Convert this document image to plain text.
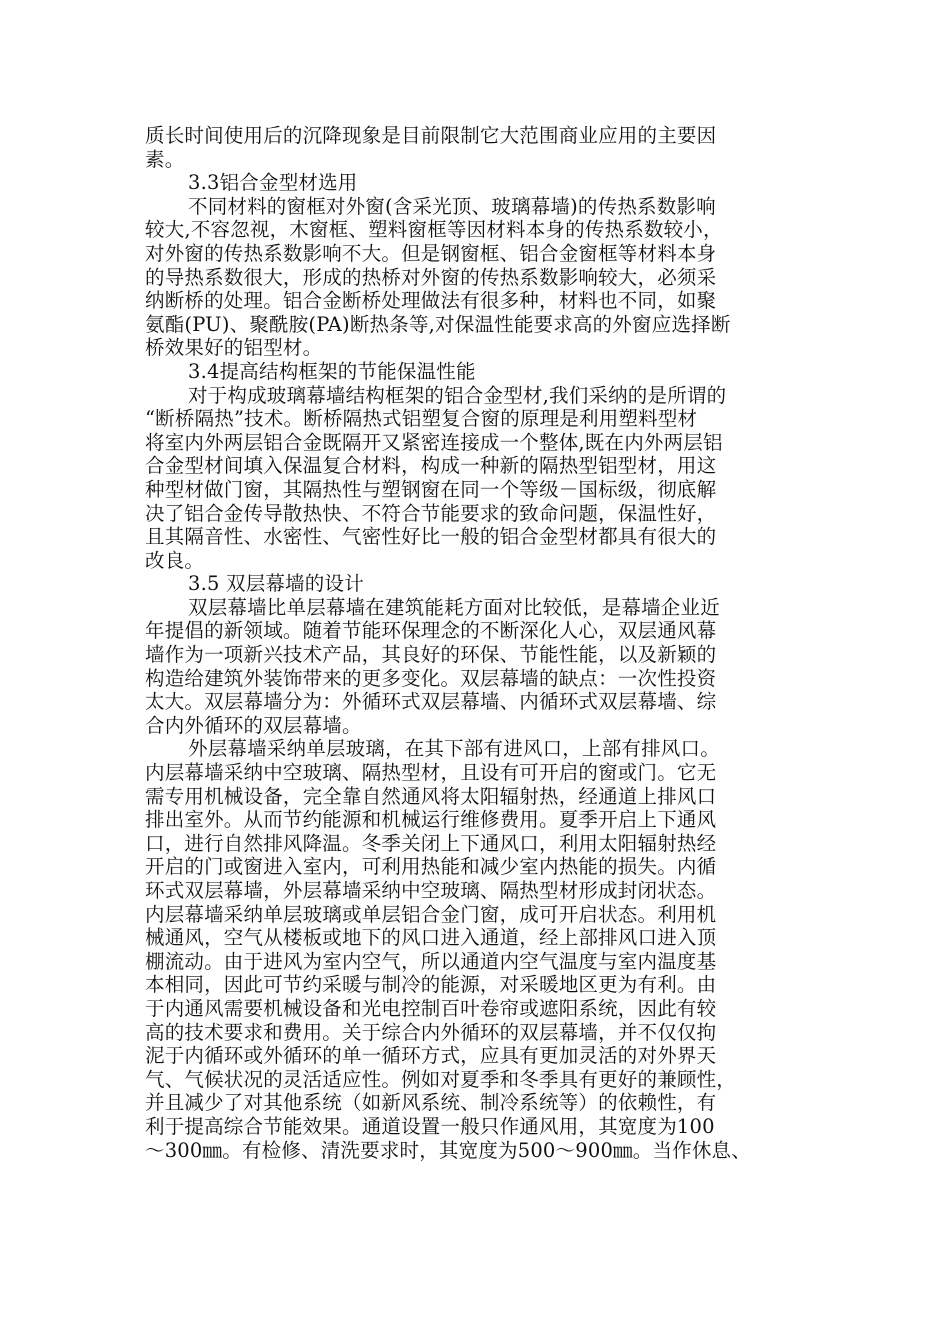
质长时间使用后的沉降现象是目前限制它大范围商业应用的主要因
素。
3.3铝合金型材选用
不同材料的窗框对外窗(含采光顶、玻璃幕墙)的传热系数影响
较大,不容忽视，木窗框、塑料窗框等因材料本身的传热系数较小，
对外窗的传热系数影响不大。但是钢窗框、铝合金窗框等材料本身
的导热系数很大，形成的热桥对外窗的传热系数影响较大，必须采
纳断桥的处理。铝合金断桥处理做法有很多种，材料也不同，如聚
氨酯(PU)、聚酰胺(PA)断热条等,对保温性能要求高的外窗应选择断
桥效果好的铝型材。
3.4提高结构框架的节能保温性能
对于构成玻璃幕墙结构框架的铝合金型材,我们采纳的是所谓的
“断桥隔热”技术。断桥隔热式铝塑复合窗的原理是利用塑料型材
将室内外两层铝合金既隔开又紧密连接成一个整体,既在内外两层铝
合金型材间填入保温复合材料，构成一种新的隔热型铝型材，用这
种型材做门窗，其隔热性与塑钢窗在同一个等级－国标级，彻底解
决了铝合金传导散热快、不符合节能要求的致命问题，保温性好，
且其隔音性、水密性、气密性好比一般的铝合金型材都具有很大的
改良。
3.5 双层幕墙的设计
双层幕墙比单层幕墙在建筑能耗方面对比较低，是幕墙企业近
年提倡的新领域。随着节能环保理念的不断深化人心，双层通风幕
墙作为一项新兴技术产品，其良好的环保、节能性能，以及新颖的
构造给建筑外装饰带来的更多变化。双层幕墙的缺点：一次性投资
太大。双层幕墙分为：外循环式双层幕墙、内循环式双层幕墙、综
合内外循环的双层幕墙。
外层幕墙采纳单层玻璃，在其下部有进风口，上部有排风口。
内层幕墙采纳中空玻璃、隔热型材，且设有可开启的窗或门。它无
需专用机械设备，完全靠自然通风将太阳辐射热，经通道上排风口
排出室外。从而节约能源和机械运行维修费用。夏季开启上下通风
口，进行自然排风降温。冬季关闭上下通风口，利用太阳辐射热经
开启的门或窗进入室内，可利用热能和减少室内热能的损失。内循
环式双层幕墙，外层幕墙采纳中空玻璃、隔热型材形成封闭状态。
内层幕墙采纳单层玻璃或单层铝合金门窗，成可开启状态。利用机
械通风，空气从楼板或地下的风口进入通道，经上部排风口进入顶
棚流动。由于进风为室内空气，所以通道内空气温度与室内温度基
本相同，因此可节约采暖与制冷的能源，对采暖地区更为有利。由
于内通风需要机械设备和光电控制百叶卷帘或遮阳系统，因此有较
高的技术要求和费用。关于综合内外循环的双层幕墙，并不仅仅拘
泥于内循环或外循环的单一循环方式，应具有更加灵活的对外界天
气、气候状况的灵活适应性。例如对夏季和冬季具有更好的兼顾性，
并且减少了对其他系统（如新风系统、制冷系统等）的依赖性，有
利于提高综合节能效果。通道设置一般只作通风用，其宽度为100
～300㎜。有检修、清洗要求时，其宽度为500～900㎜。当作休息、
